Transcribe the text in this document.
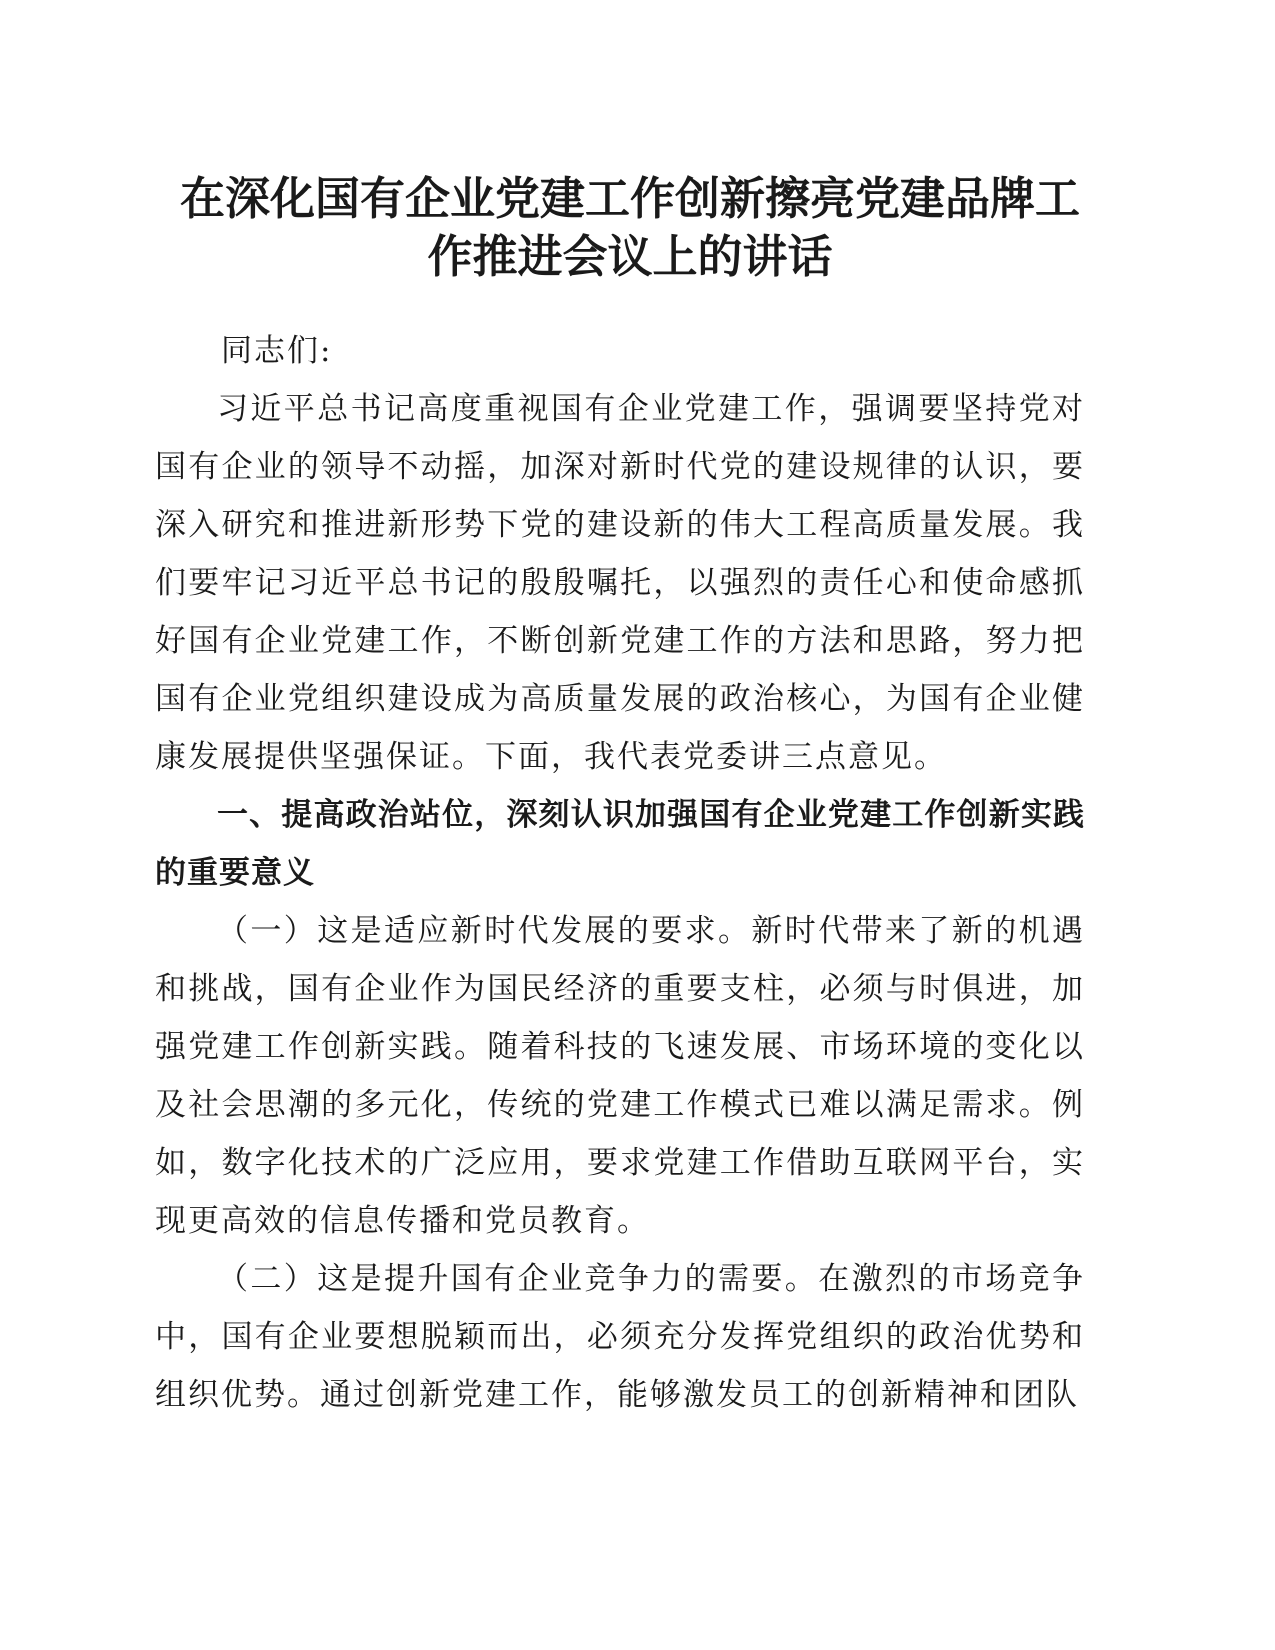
在深化国有企业党建工作创新擦亮党建品牌工作推进会议上的讲话

同志们:

习近平总书记高度重视国有企业党建工作，强调要坚持党对国有企业的领导不动摇，加深对新时代党的建设规律的认识，要深入研究和推进新形势下党的建设新的伟大工程高质量发展。我们要牢记习近平总书记的殷殷嘱托，以强烈的责任心和使命感抓好国有企业党建工作，不断创新党建工作的方法和思路，努力把国有企业党组织建设成为高质量发展的政治核心，为国有企业健康发展提供坚强保证。下面，我代表党委讲三点意见。

一、提高政治站位，深刻认识加强国有企业党建工作创新实践的重要意义

（一）这是适应新时代发展的要求。新时代带来了新的机遇和挑战，国有企业作为国民经济的重要支柱，必须与时俱进，加强党建工作创新实践。随着科技的飞速发展、市场环境的变化以及社会思潮的多元化，传统的党建工作模式已难以满足需求。例如，数字化技术的广泛应用，要求党建工作借助互联网平台，实现更高效的信息传播和党员教育。

（二）这是提升国有企业竞争力的需要。在激烈的市场竞争中，国有企业要想脱颖而出，必须充分发挥党组织的政治优势和组织优势。通过创新党建工作，能够激发员工的创新精神和团队
